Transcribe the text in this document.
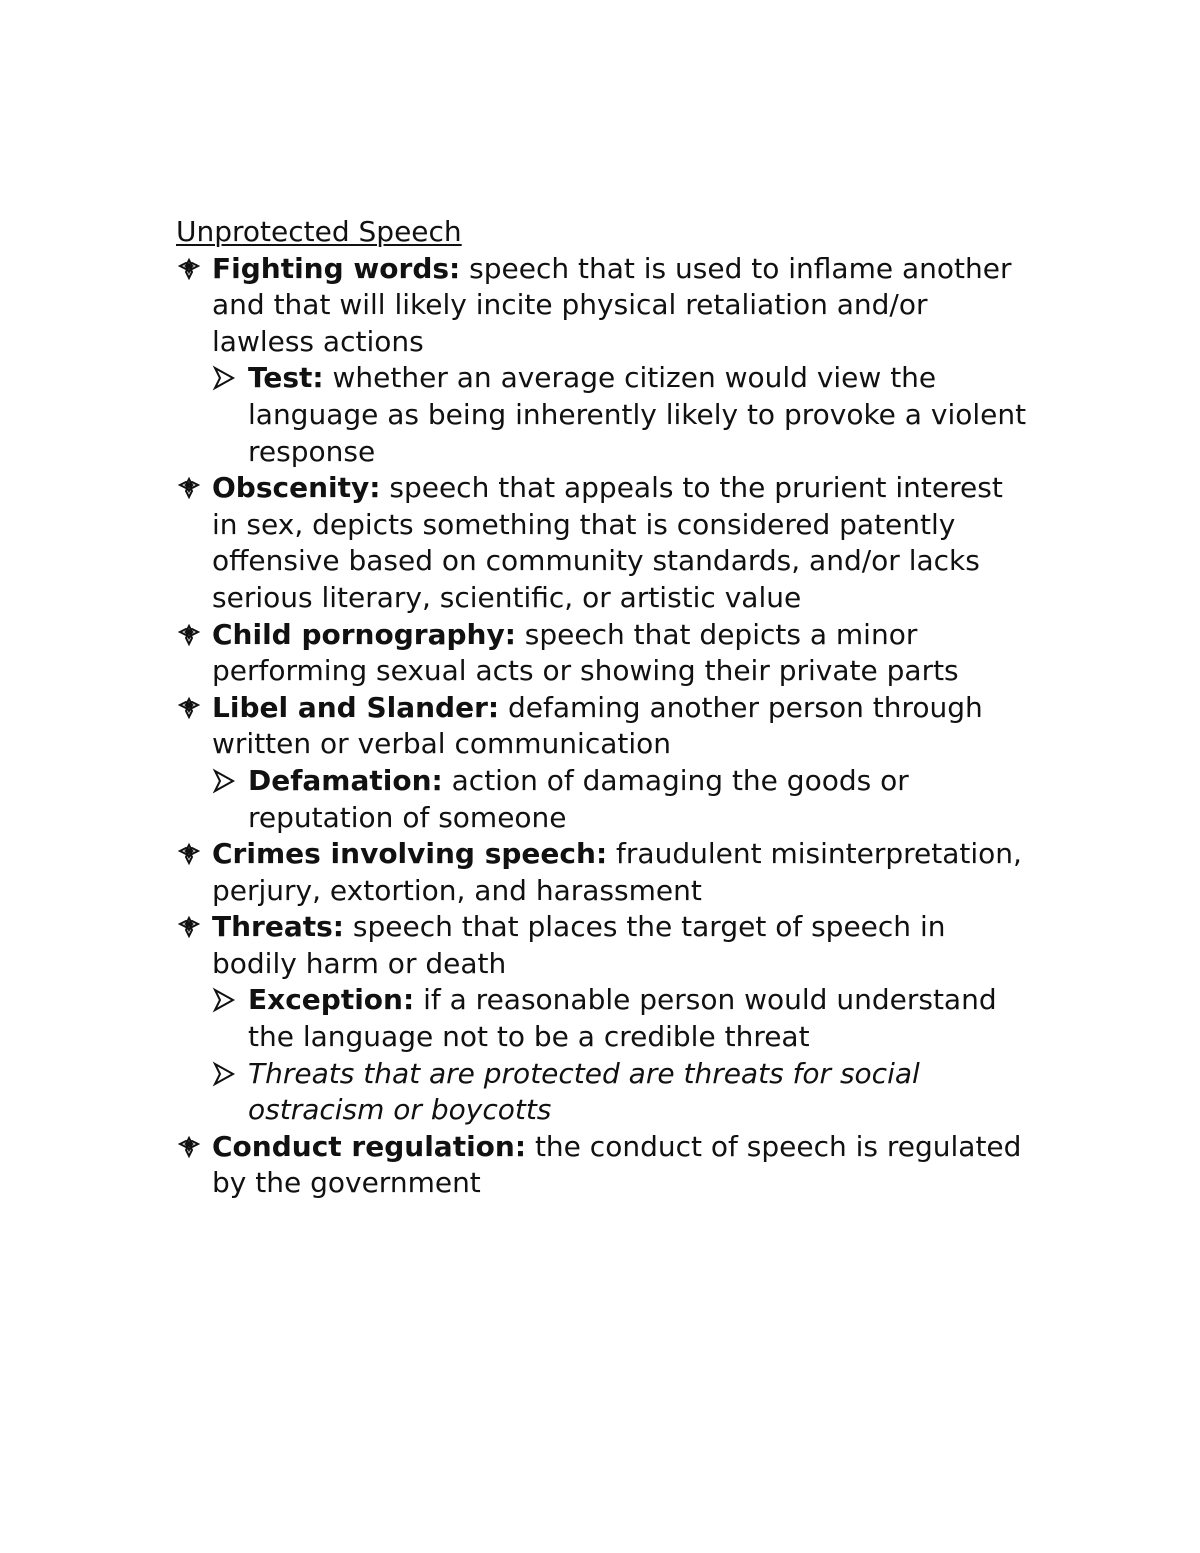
Unprotected Speech

Fighting words: speech that is used to inflame another and that will likely incite physical retaliation and/or lawless actions
Test: whether an average citizen would view the language as being inherently likely to provoke a violent response
Obscenity: speech that appeals to the prurient interest in sex, depicts something that is considered patently offensive based on community standards, and/or lacks serious literary, scientific, or artistic value
Child pornography: speech that depicts a minor performing sexual acts or showing their private parts
Libel and Slander: defaming another person through written or verbal communication
Defamation: action of damaging the goods or reputation of someone
Crimes involving speech: fraudulent misinterpretation, perjury, extortion, and harassment
Threats: speech that places the target of speech in bodily harm or death
Exception: if a reasonable person would understand the language not to be a credible threat
Threats that are protected are threats for social ostracism or boycotts
Conduct regulation: the conduct of speech is regulated by the government
